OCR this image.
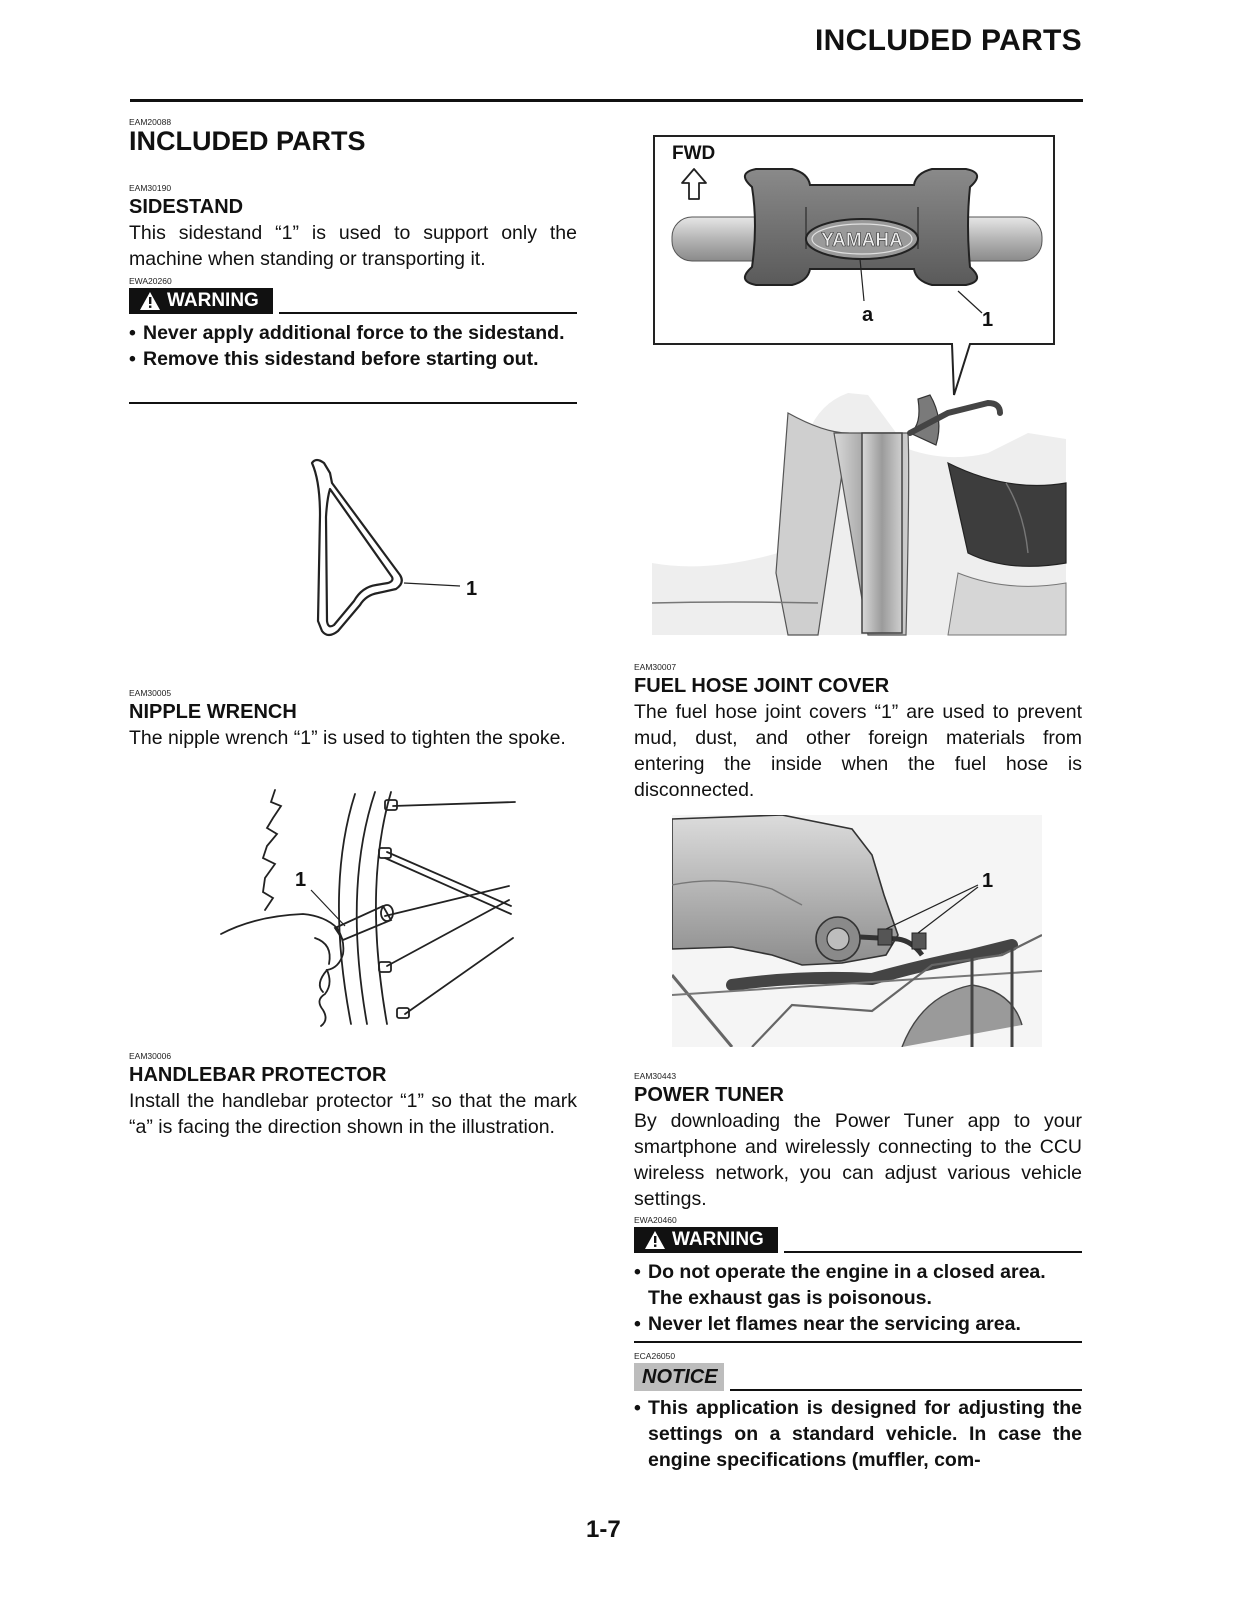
INCLUDED PARTS
EAM20088
INCLUDED PARTS
EAM30190
SIDESTAND
This sidestand “1” is used to support only the machine when standing or transporting it.
EWA20260
WARNING
• Never apply additional force to the sidestand.
• Remove this sidestand before starting out.
1
EAM30005
NIPPLE WRENCH
The nipple wrench “1” is used to tighten the spoke.
1
EAM30006
HANDLEBAR PROTECTOR
Install the handlebar protector “1” so that the mark “a” is facing the direction shown in the illustration.
FWD
YAMAHA
a	1
EAM30007
FUEL HOSE JOINT COVER
The fuel hose joint covers “1” are used to prevent mud, dust, and other foreign materials from entering the inside when the fuel hose is disconnected.
1
EAM30443
POWER TUNER
By downloading the Power Tuner app to your smartphone and wirelessly connecting to the CCU wireless network, you can adjust various vehicle settings.
EWA20460
WARNING
• Do not operate the engine in a closed area. The exhaust gas is poisonous.
• Never let flames near the servicing area.
ECA26050
NOTICE
• This application is designed for adjusting the settings on a standard vehicle. In case the engine specifications (muffler, com-
1-7
